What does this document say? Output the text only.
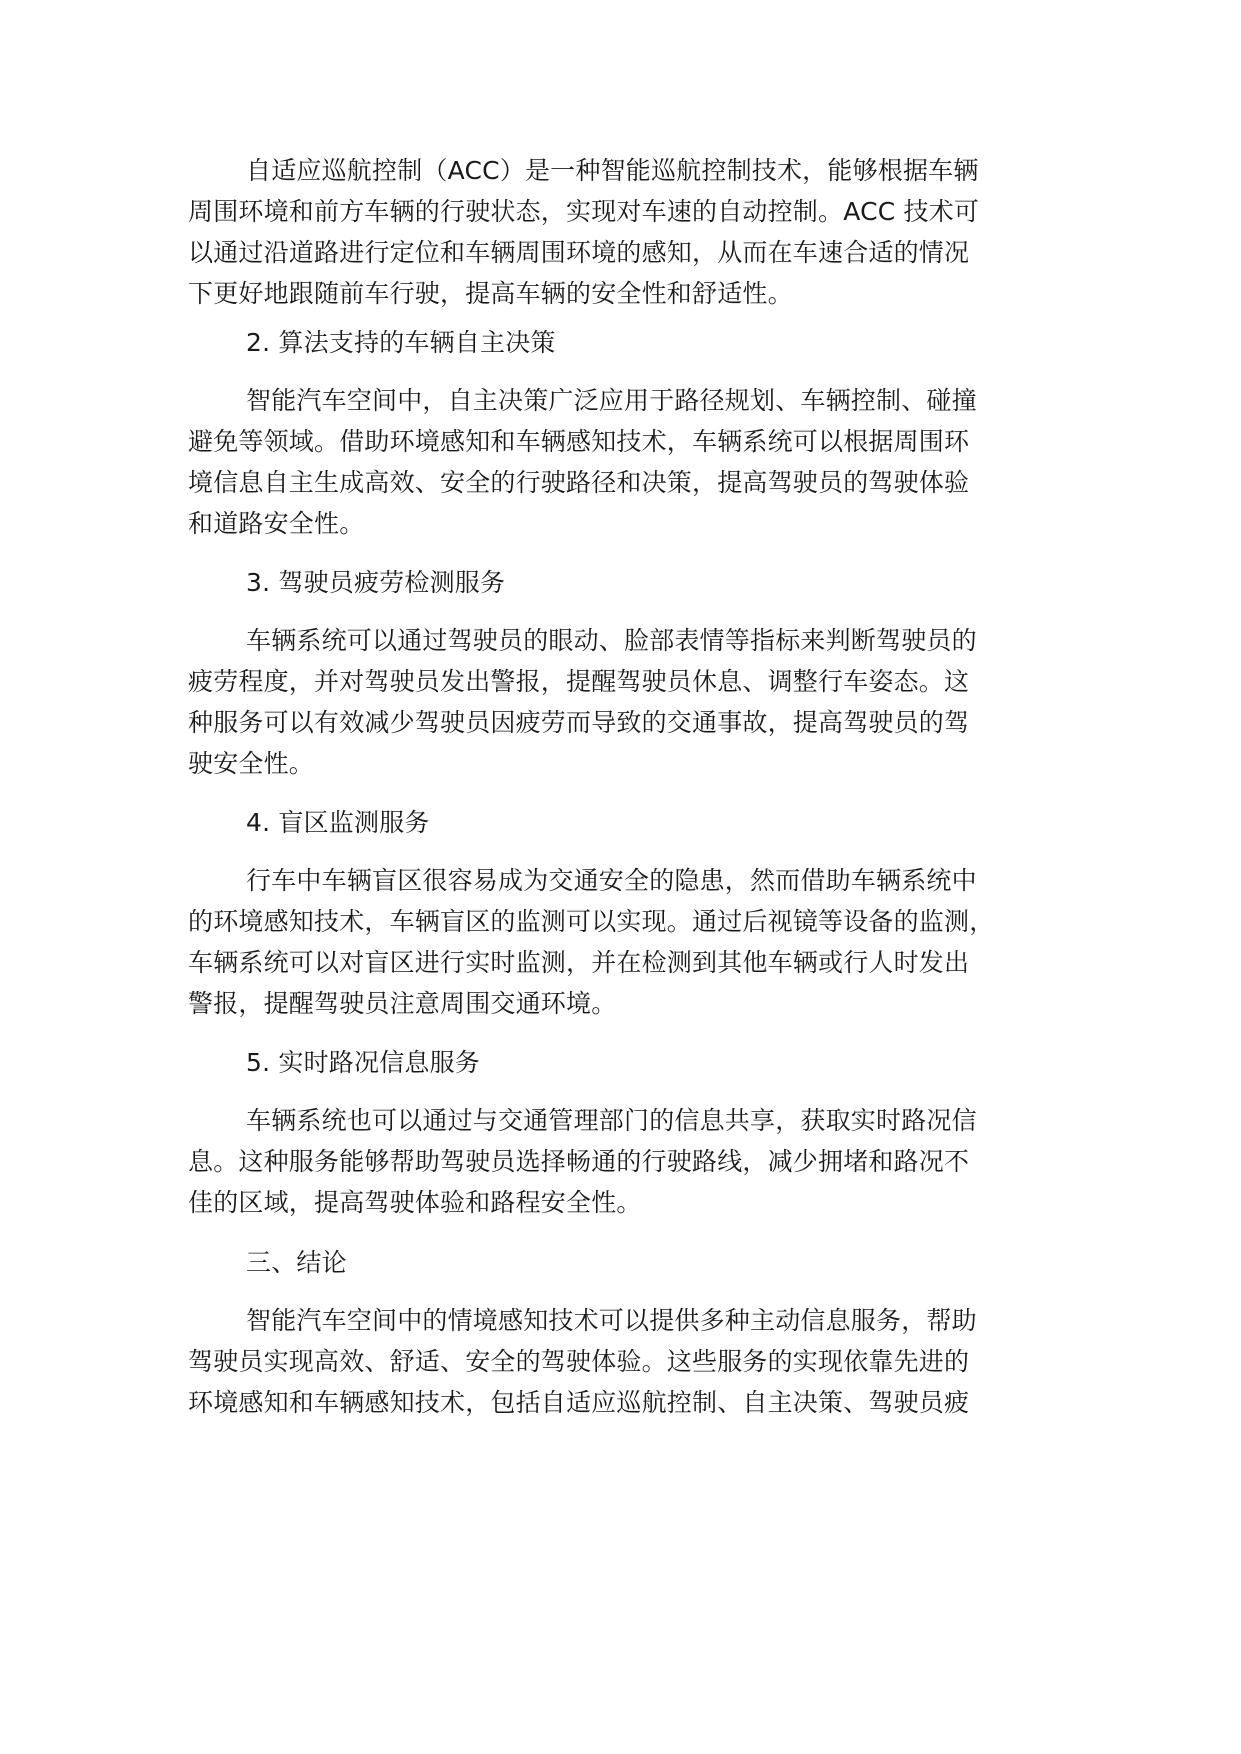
自适应巡航控制（ACC）是一种智能巡航控制技术，能够根据车辆
周围环境和前方车辆的行驶状态，实现对车速的自动控制。ACC 技术可
以通过沿道路进行定位和车辆周围环境的感知，从而在车速合适的情况
下更好地跟随前车行驶，提高车辆的安全性和舒适性。
2. 算法支持的车辆自主决策
智能汽车空间中，自主决策广泛应用于路径规划、车辆控制、碰撞
避免等领域。借助环境感知和车辆感知技术，车辆系统可以根据周围环
境信息自主生成高效、安全的行驶路径和决策，提高驾驶员的驾驶体验
和道路安全性。
3. 驾驶员疲劳检测服务
车辆系统可以通过驾驶员的眼动、脸部表情等指标来判断驾驶员的
疲劳程度，并对驾驶员发出警报，提醒驾驶员休息、调整行车姿态。这
种服务可以有效减少驾驶员因疲劳而导致的交通事故，提高驾驶员的驾
驶安全性。
4. 盲区监测服务
行车中车辆盲区很容易成为交通安全的隐患，然而借助车辆系统中
的环境感知技术，车辆盲区的监测可以实现。通过后视镜等设备的监测，
车辆系统可以对盲区进行实时监测，并在检测到其他车辆或行人时发出
警报，提醒驾驶员注意周围交通环境。
5. 实时路况信息服务
车辆系统也可以通过与交通管理部门的信息共享，获取实时路况信
息。这种服务能够帮助驾驶员选择畅通的行驶路线，减少拥堵和路况不
佳的区域，提高驾驶体验和路程安全性。
三、结论
智能汽车空间中的情境感知技术可以提供多种主动信息服务，帮助
驾驶员实现高效、舒适、安全的驾驶体验。这些服务的实现依靠先进的
环境感知和车辆感知技术，包括自适应巡航控制、自主决策、驾驶员疲
